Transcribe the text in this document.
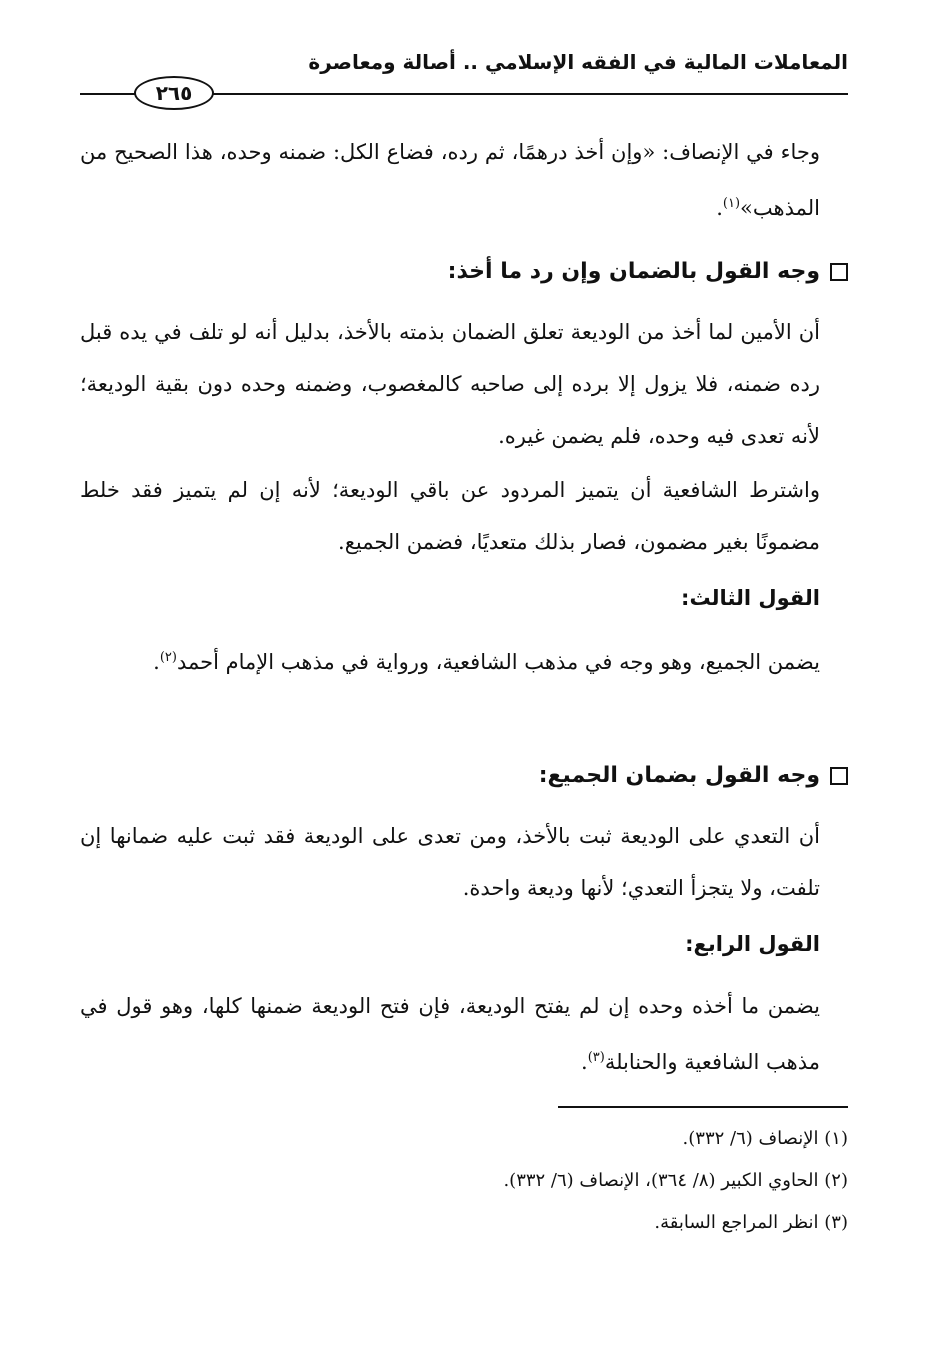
المعاملات المالية في الفقه الإسلامي .. أصالة ومعاصرة
٢٦٥
وجاء في الإنصاف: «وإن أخذ درهمًا، ثم رده، فضاع الكل: ضمنه وحده، هذا الصحيح من المذهب»$^{(١)}$.
وجه القول بالضمان وإن رد ما أخذ:
أن الأمين لما أخذ من الوديعة تعلق الضمان بذمته بالأخذ، بدليل أنه لو تلف في يده قبل رده ضمنه، فلا يزول إلا برده إلى صاحبه كالمغصوب، وضمنه وحده دون بقية الوديعة؛ لأنه تعدى فيه وحده، فلم يضمن غيره.
واشترط الشافعية أن يتميز المردود عن باقي الوديعة؛ لأنه إن لم يتميز فقد خلط مضمونًا بغير مضمون، فصار بذلك متعديًا، فضمن الجميع.
القول الثالث:
يضمن الجميع، وهو وجه في مذهب الشافعية، ورواية في مذهب الإمام أحمد$^{(٢)}$.
وجه القول بضمان الجميع:
أن التعدي على الوديعة ثبت بالأخذ، ومن تعدى على الوديعة فقد ثبت عليه ضمانها إن تلفت، ولا يتجزأ التعدي؛ لأنها وديعة واحدة.
القول الرابع:
يضمن ما أخذه وحده إن لم يفتح الوديعة، فإن فتح الوديعة ضمنها كلها، وهو قول في مذهب الشافعية والحنابلة$^{(٣)}$.
(١) الإنصاف (٦/ ٣٣٢).
(٢) الحاوي الكبير (٨/ ٣٦٤)، الإنصاف (٦/ ٣٣٢).
(٣) انظر المراجع السابقة.
